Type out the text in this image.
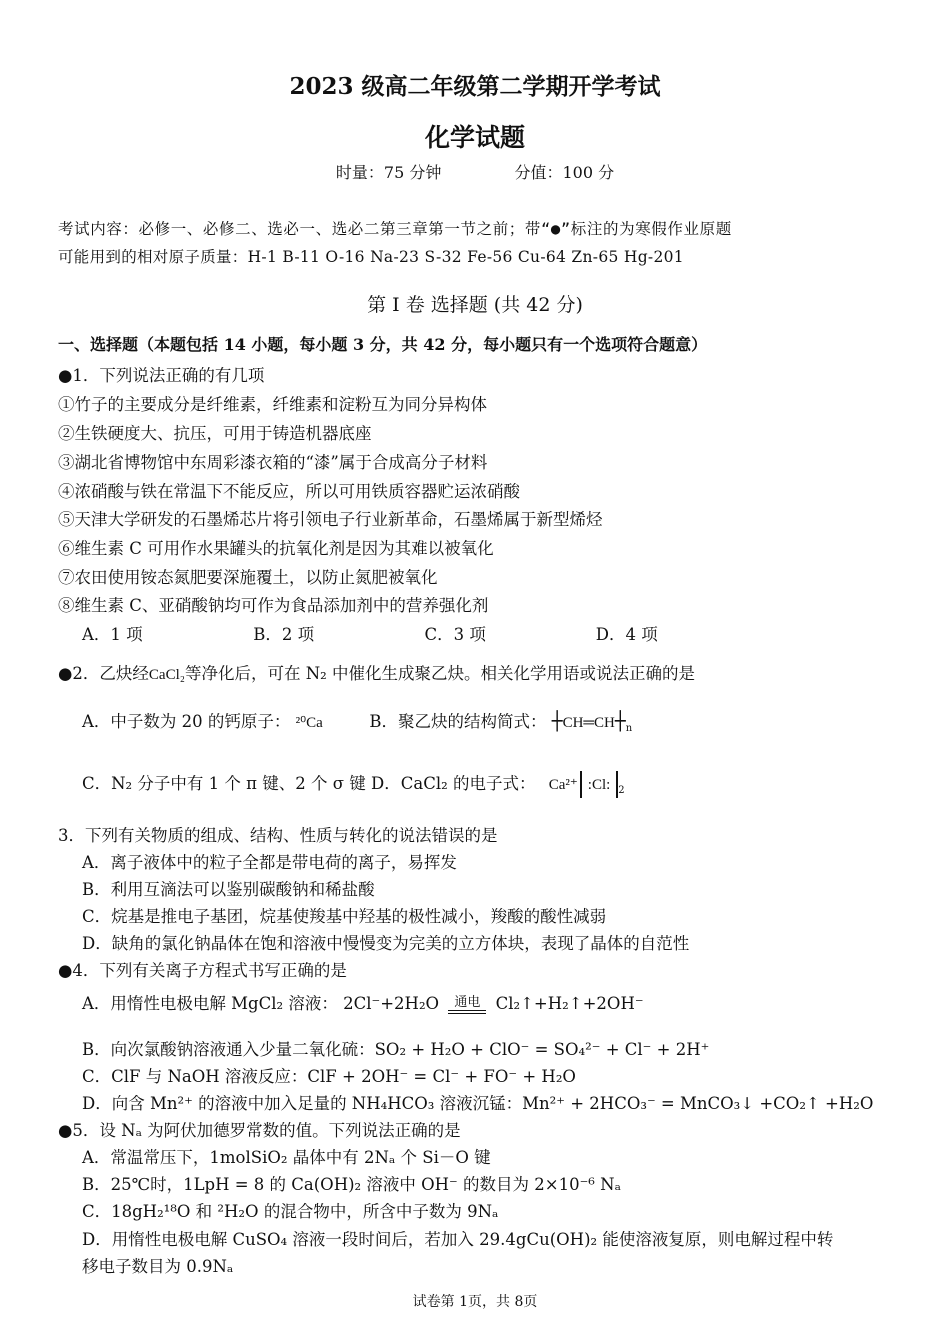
2023 级高二年级第二学期开学考试
化学试题
时量：75 分钟	分值：100 分
考试内容：必修一、必修二、选必一、选必二第三章第一节之前；带“●”标注的为寒假作业原题
可能用到的相对原子质量：H-1 B-11 O-16 Na-23 S-32 Fe-56 Cu-64 Zn-65 Hg-201
第 I 卷 选择题 (共 42 分)
一、选择题（本题包括 14 小题，每小题 3 分，共 42 分，每小题只有一个选项符合题意）
●1．下列说法正确的有几项
①竹子的主要成分是纤维素，纤维素和淀粉互为同分异构体
②生铁硬度大、抗压，可用于铸造机器底座
③湖北省博物馆中东周彩漆衣箱的“漆”属于合成高分子材料
④浓硝酸与铁在常温下不能反应，所以可用铁质容器贮运浓硝酸
⑤天津大学研发的石墨烯芯片将引领电子行业新革命，石墨烯属于新型烯烃
⑥维生素 C 可用作水果罐头的抗氧化剂是因为其难以被氧化
⑦农田使用铵态氮肥要深施覆土，以防止氮肥被氧化
⑧维生素 C、亚硝酸钠均可作为食品添加剂中的营养强化剂
A．1 项	B．2 项	C．3 项	D．4 项
●2．乙炔经CaCl₂等净化后，可在 N₂ 中催化生成聚乙炔。相关化学用语或说法正确的是
A．中子数为 20 的钙原子： ²⁰Ca	B．聚乙炔的结构简式： $┼CH═CH┼_n$
C．N₂ 分子中有 1 个 π 键、2 个 σ 键 D．CaCl₂ 的电子式： Ca²⁺ :Cl: $_2$
3．下列有关物质的组成、结构、性质与转化的说法错误的是
A．离子液体中的粒子全都是带电荷的离子，易挥发
B．利用互滴法可以鉴别碳酸钠和稀盐酸
C．烷基是推电子基团，烷基使羧基中羟基的极性减小，羧酸的酸性减弱
D．缺角的氯化钠晶体在饱和溶液中慢慢变为完美的立方体块，表现了晶体的自范性
●4．下列有关离子方程式书写正确的是
A．用惰性电极电解 MgCl₂ 溶液： 2Cl⁻+2H₂O	通电 Cl₂↑+H₂↑+2OH⁻
B．向次氯酸钠溶液通入少量二氧化硫：SO₂ + H₂O + ClO⁻ = SO₄²⁻ + Cl⁻ + 2H⁺
C．ClF 与 NaOH 溶液反应：ClF + 2OH⁻ = Cl⁻ + FO⁻ + H₂O
D．向含 Mn²⁺ 的溶液中加入足量的 NH₄HCO₃ 溶液沉锰：Mn²⁺ + 2HCO₃⁻ = MnCO₃↓ +CO₂↑ +H₂O
●5．设 Nₐ 为阿伏加德罗常数的值。下列说法正确的是
A．常温常压下，1molSiO₂ 晶体中有 2Nₐ 个 Si－O 键
B．25℃时，1LpH = 8 的 Ca(OH)₂ 溶液中 OH⁻ 的数目为 2×10⁻⁶ Nₐ
C．18gH₂¹⁸O 和 ²H₂O 的混合物中，所含中子数为 9Nₐ
D．用惰性电极电解 CuSO₄ 溶液一段时间后，若加入 29.4gCu(OH)₂ 能使溶液复原，则电解过程中转
移电子数目为 0.9Nₐ
试卷第 1页，共 8页
